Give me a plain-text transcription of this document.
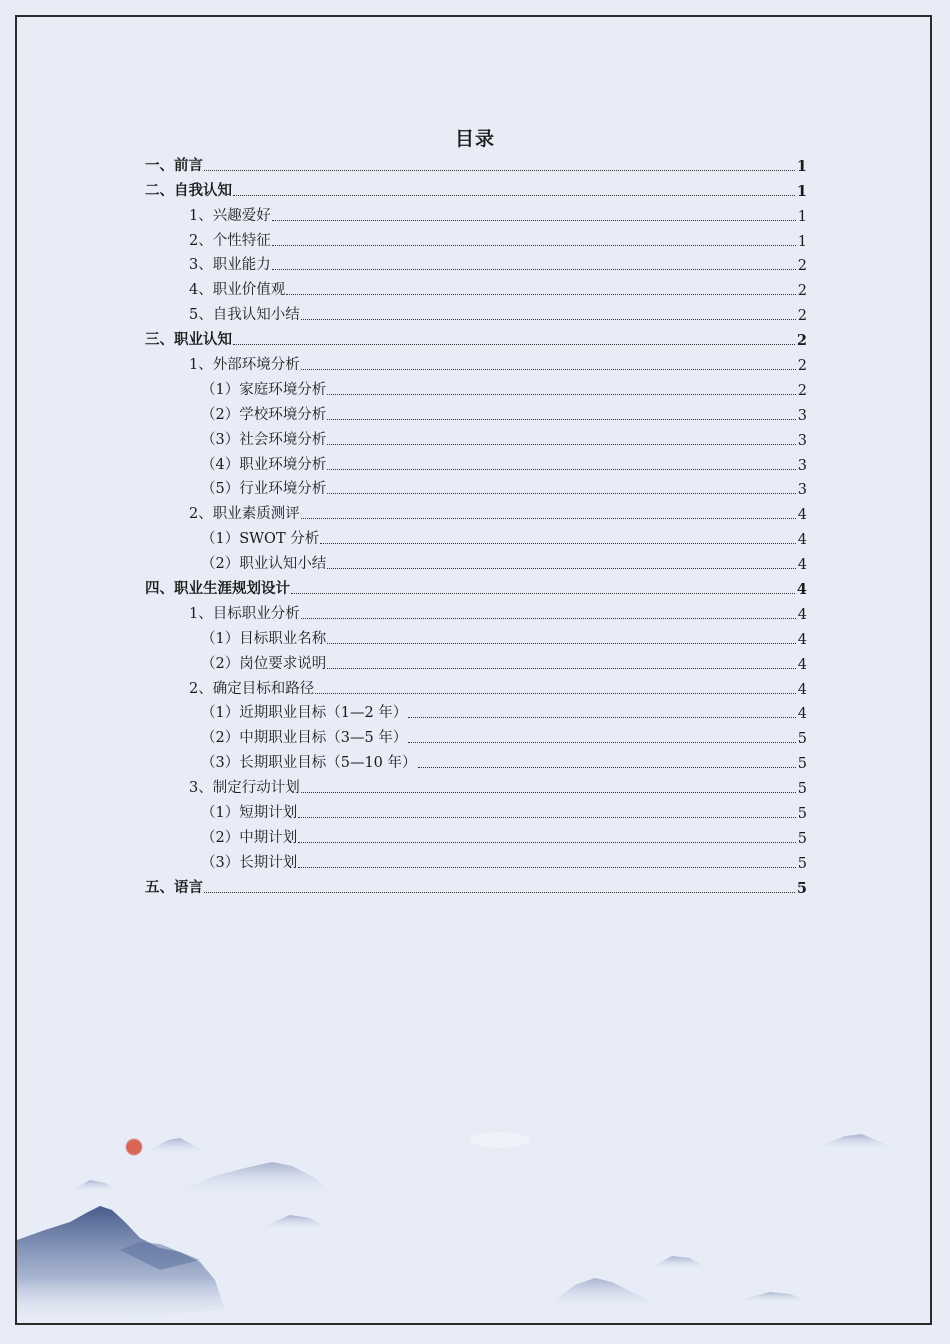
目录
一、前言	1
二、自我认知	1
1、兴趣爱好	1
2、个性特征	1
3、职业能力	2
4、职业价值观	2
5、自我认知小结	2
三、职业认知	2
1、外部环境分析	2
（1）家庭环境分析	2
（2）学校环境分析	3
（3）社会环境分析	3
（4）职业环境分析	3
（5）行业环境分析	3
2、职业素质测评	4
（1）SWOT 分析	4
（2）职业认知小结	4
四、职业生涯规划设计	4
1、目标职业分析	4
（1）目标职业名称	4
（2）岗位要求说明	4
2、确定目标和路径	4
（1）近期职业目标（1—2 年）	4
（2）中期职业目标（3—5 年）	5
（3）长期职业目标（5—10 年）	5
3、制定行动计划	5
（1）短期计划	5
（2）中期计划	5
（3）长期计划	5
五、语言	5
